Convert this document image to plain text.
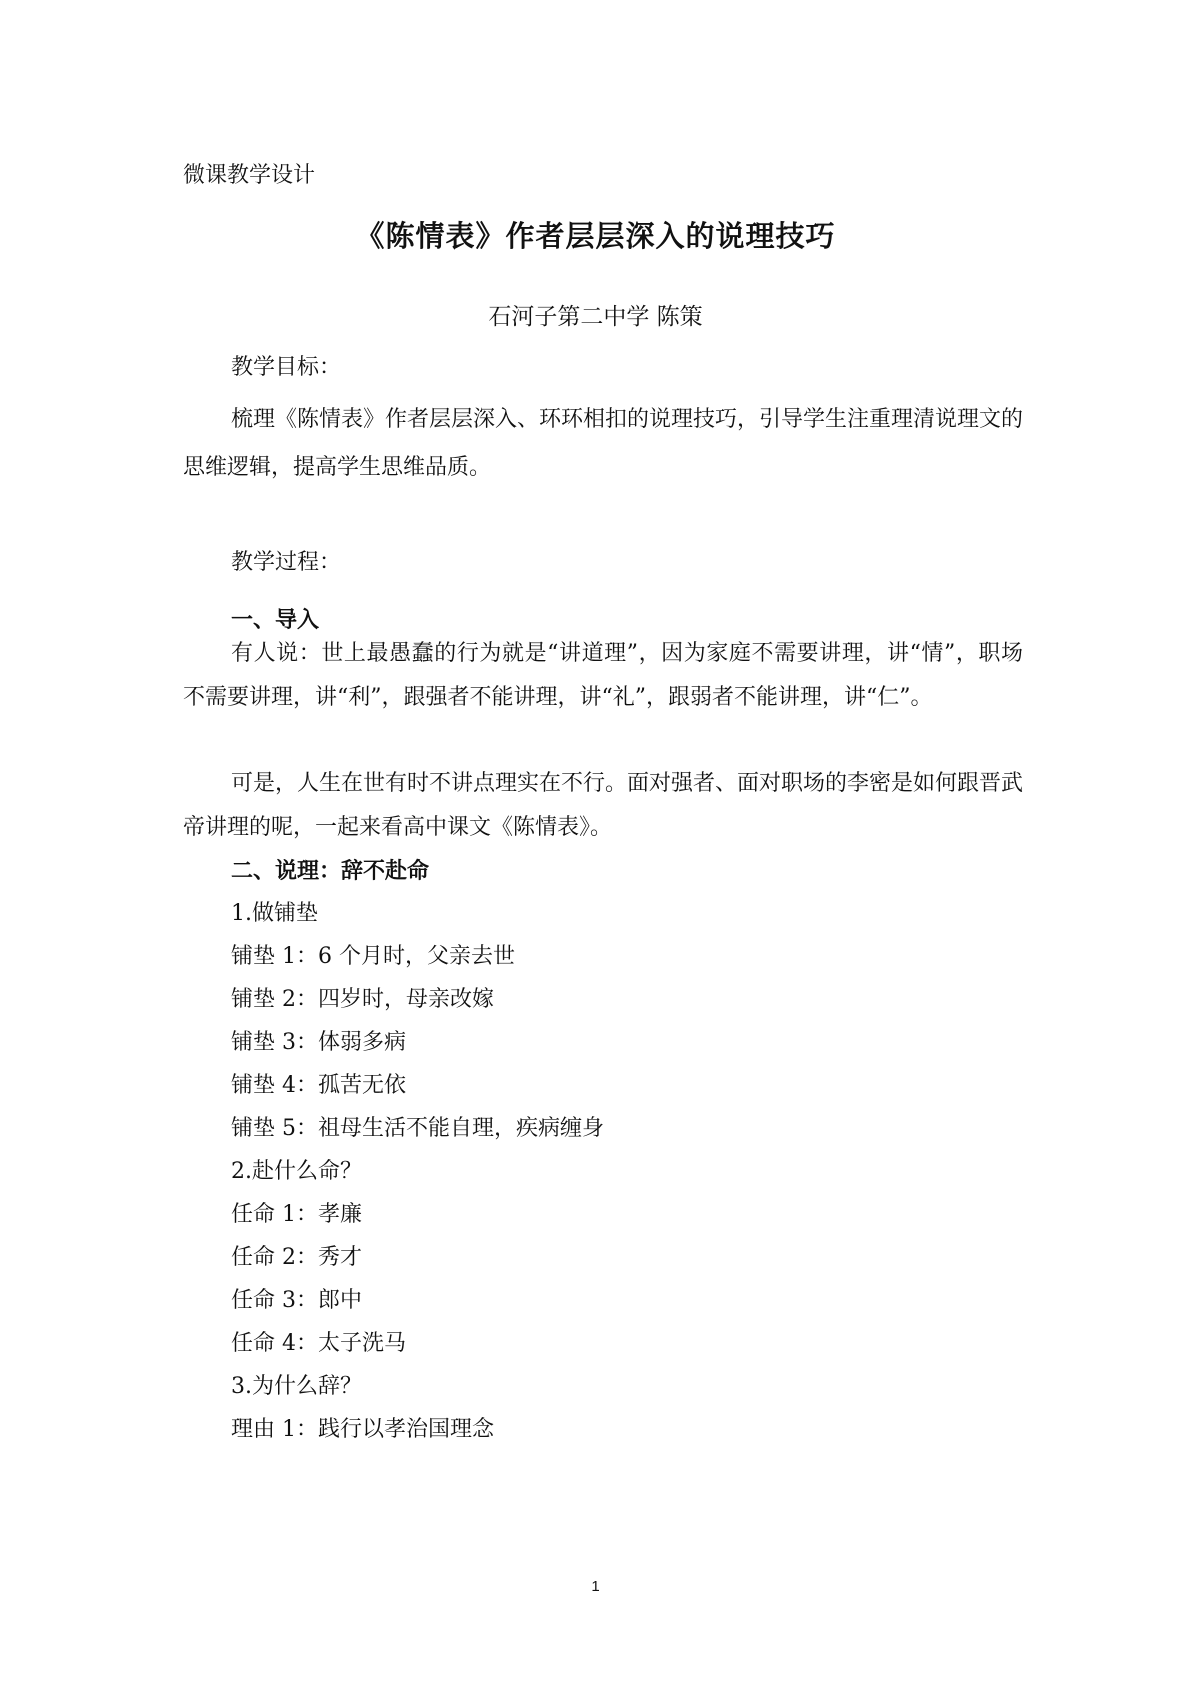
微课教学设计
《陈情表》作者层层深入的说理技巧
石河子第二中学 陈策
教学目标：
梳理《陈情表》作者层层深入、环环相扣的说理技巧，引导学生注重理清说理文的思维逻辑，提高学生思维品质。
教学过程：
一、导入
有人说：世上最愚蠢的行为就是“讲道理”，因为家庭不需要讲理，讲“情”，职场不需要讲理，讲“利”，跟强者不能讲理，讲“礼”，跟弱者不能讲理，讲“仁”。
可是，人生在世有时不讲点理实在不行。面对强者、面对职场的李密是如何跟晋武帝讲理的呢，一起来看高中课文《陈情表》。
二、说理：辞不赴命
1.做铺垫
铺垫 1：6 个月时，父亲去世
铺垫 2：四岁时，母亲改嫁
铺垫 3：体弱多病
铺垫 4：孤苦无依
铺垫 5：祖母生活不能自理，疾病缠身
2.赴什么命？
任命 1：孝廉
任命 2：秀才
任命 3：郎中
任命 4：太子洗马
3.为什么辞？
理由 1：践行以孝治国理念
1
